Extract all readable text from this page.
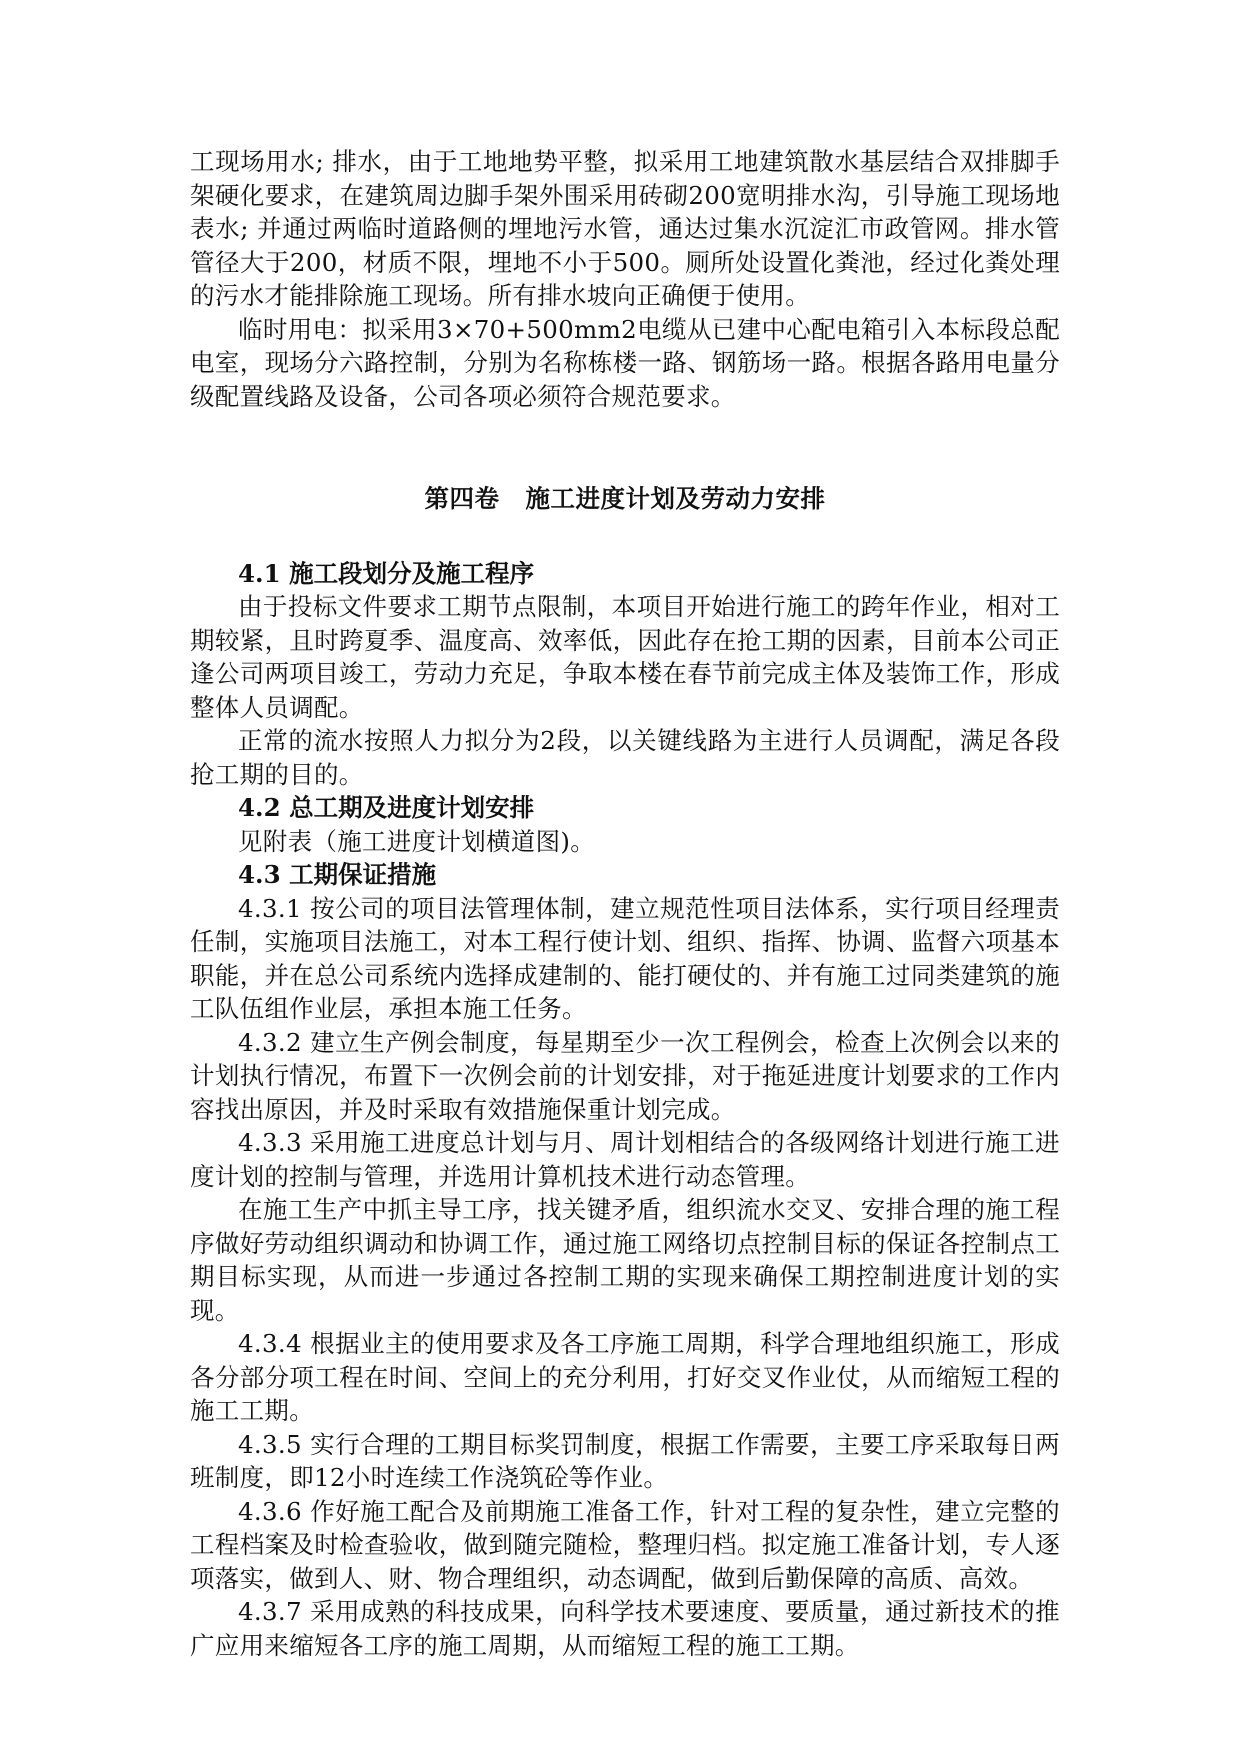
工现场用水; 排水，由于工地地势平整，拟采用工地建筑散水基层结合双排脚手架硬化要求，在建筑周边脚手架外围采用砖砌200宽明排水沟，引导施工现场地表水; 并通过两临时道路侧的埋地污水管，通达过集水沉淀汇市政管网。排水管管径大于200，材质不限，埋地不小于500。厕所处设置化粪池，经过化粪处理的污水才能排除施工现场。所有排水坡向正确便于使用。

临时用电：拟采用3×70+500mm2电缆从已建中心配电箱引入本标段总配电室，现场分六路控制，分别为名称栋楼一路、钢筋场一路。根据各路用电量分级配置线路及设备，公司各项必须符合规范要求。

第四卷 施工进度计划及劳动力安排
4.1 施工段划分及施工程序

由于投标文件要求工期节点限制，本项目开始进行施工的跨年作业，相对工期较紧，且时跨夏季、温度高、效率低，因此存在抢工期的因素，目前本公司正逢公司两项目竣工，劳动力充足，争取本楼在春节前完成主体及装饰工作，形成整体人员调配。

正常的流水按照人力拟分为2段，以关键线路为主进行人员调配，满足各段抢工期的目的。

4.2 总工期及进度计划安排

见附表（施工进度计划横道图)。

4.3 工期保证措施

4.3.1 按公司的项目法管理体制，建立规范性项目法体系，实行项目经理责任制，实施项目法施工，对本工程行使计划、组织、指挥、协调、监督六项基本职能，并在总公司系统内选择成建制的、能打硬仗的、并有施工过同类建筑的施工队伍组作业层，承担本施工任务。

4.3.2 建立生产例会制度，每星期至少一次工程例会，检查上次例会以来的计划执行情况，布置下一次例会前的计划安排，对于拖延进度计划要求的工作内容找出原因，并及时采取有效措施保重计划完成。

4.3.3 采用施工进度总计划与月、周计划相结合的各级网络计划进行施工进度计划的控制与管理，并选用计算机技术进行动态管理。

在施工生产中抓主导工序，找关键矛盾，组织流水交叉、安排合理的施工程序做好劳动组织调动和协调工作，通过施工网络切点控制目标的保证各控制点工期目标实现，从而进一步通过各控制工期的实现来确保工期控制进度计划的实现。

4.3.4 根据业主的使用要求及各工序施工周期，科学合理地组织施工，形成各分部分项工程在时间、空间上的充分利用，打好交叉作业仗，从而缩短工程的施工工期。

4.3.5 实行合理的工期目标奖罚制度，根据工作需要，主要工序采取每日两班制度，即12小时连续工作浇筑砼等作业。

4.3.6 作好施工配合及前期施工准备工作，针对工程的复杂性，建立完整的工程档案及时检查验收，做到随完随检，整理归档。拟定施工准备计划，专人逐项落实，做到人、财、物合理组织，动态调配，做到后勤保障的高质、高效。

4.3.7 采用成熟的科技成果，向科学技术要速度、要质量，通过新技术的推广应用来缩短各工序的施工周期，从而缩短工程的施工工期。
